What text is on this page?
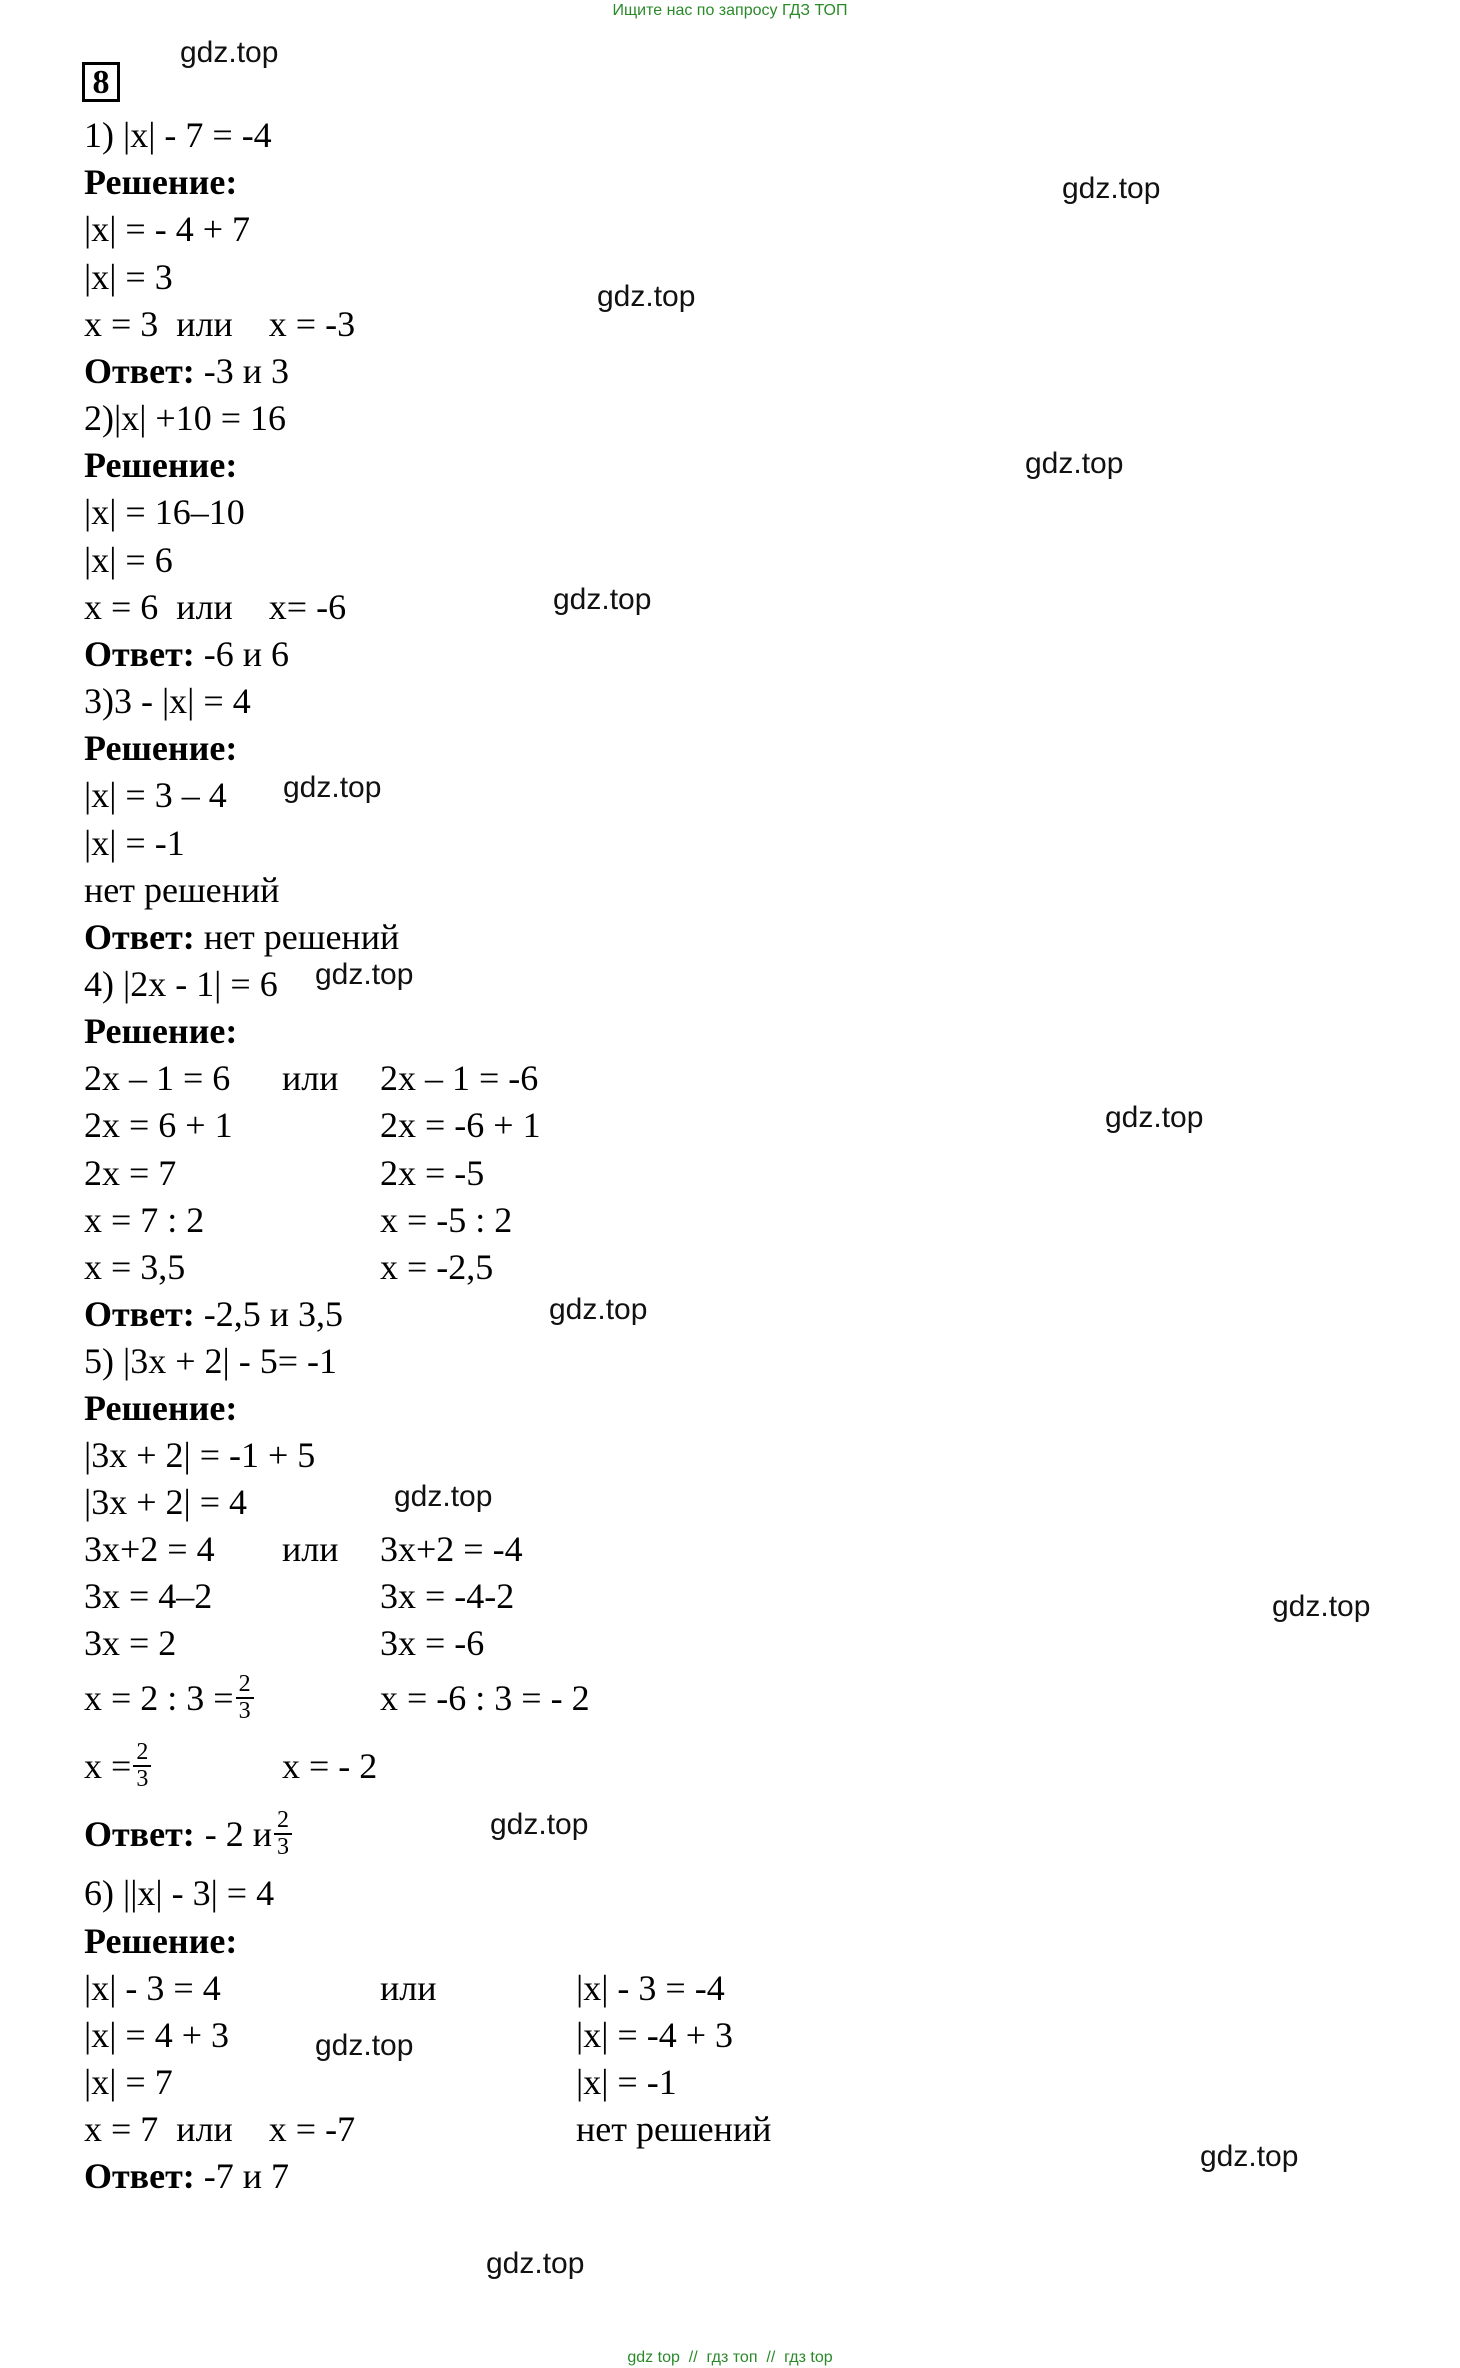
Ищите нас по запросу ГДЗ ТОП
8
gdz.top
gdz.top
gdz.top
gdz.top
gdz.top
gdz.top
gdz.top
gdz.top
gdz.top
gdz.top
gdz.top
gdz.top
gdz.top
gdz.top
gdz.top
1) |x| - 7 = -4
Решение:
|x| = - 4 + 7
|x| = 3
x = 3  или    x = -3
Ответ: -3 и 3
2)|x| +10 = 16
Решение:
|x| = 16–10
|x| = 6
x = 6  или    x= -6
Ответ: -6 и 6
3)3 - |x| = 4
Решение:
|x| = 3 – 4
|x| = -1
нет решений
Ответ: нет решений
4) |2x - 1| = 6
Решение:
2x – 1 = 6 или 2x – 1 = -6
2x = 6 + 1	2x = -6 + 1
2x = 7	2x = -5
x = 7 : 2	x = -5 : 2
x = 3,5	x = -2,5
Ответ: -2,5 и 3,5
5) |3x + 2| - 5= -1
Решение:
|3x + 2| = -1 + 5
|3x + 2| = 4
3x+2 = 4 или 3x+2 = -4
3x = 4–2	3x = -4-2
3x = 2	3x = -6
x = 2 : $3 = \frac{2}{3}$	x = -6 : 3 = - 2
$x = \frac{2}{3}$	x = - 2
Ответ: - 2 и $\frac{2}{3}$
6) ||x| - 3| = 4
Решение:
|x| - 3 = 4	или	|x| - 3 = -4
|x| = 4 + 3	|x| = -4 + 3
|x| = 7	|x| = -1
x = 7  или    x = -7	нет решений
Ответ: -7 и 7
gdz top  //  гдз топ  //  гдз top
